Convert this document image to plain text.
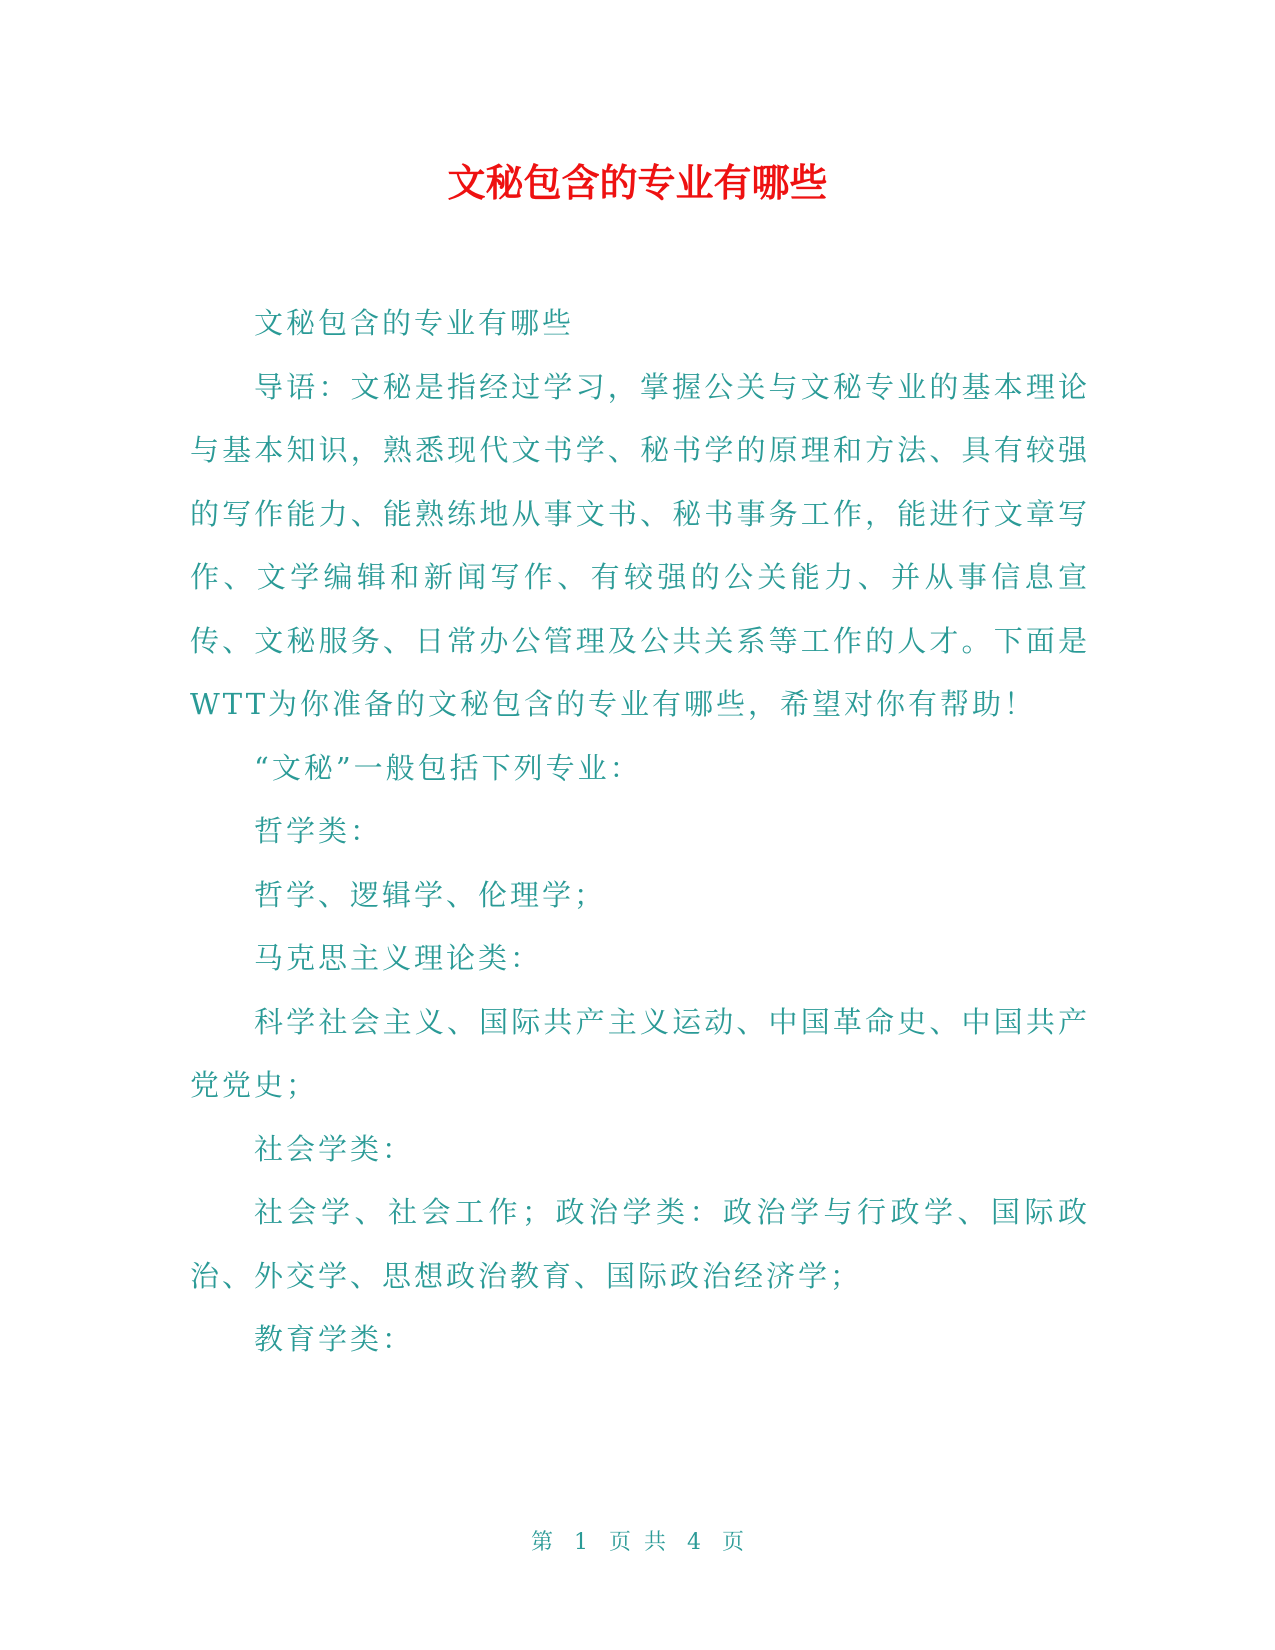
文秘包含的专业有哪些

文秘包含的专业有哪些

导语：文秘是指经过学习，掌握公关与文秘专业的基本理论与基本知识，熟悉现代文书学、秘书学的原理和方法、具有较强的写作能力、能熟练地从事文书、秘书事务工作，能进行文章写作、文学编辑和新闻写作、有较强的公关能力、并从事信息宣传、文秘服务、日常办公管理及公共关系等工作的人才。下面是WTT为你准备的文秘包含的专业有哪些，希望对你有帮助！

“文秘”一般包括下列专业：

哲学类：

哲学、逻辑学、伦理学；

马克思主义理论类：

科学社会主义、国际共产主义运动、中国革命史、中国共产党党史；

社会学类：

社会学、社会工作；政治学类：政治学与行政学、国际政治、外交学、思想政治教育、国际政治经济学；

教育学类：

第 1 页 共 4 页
